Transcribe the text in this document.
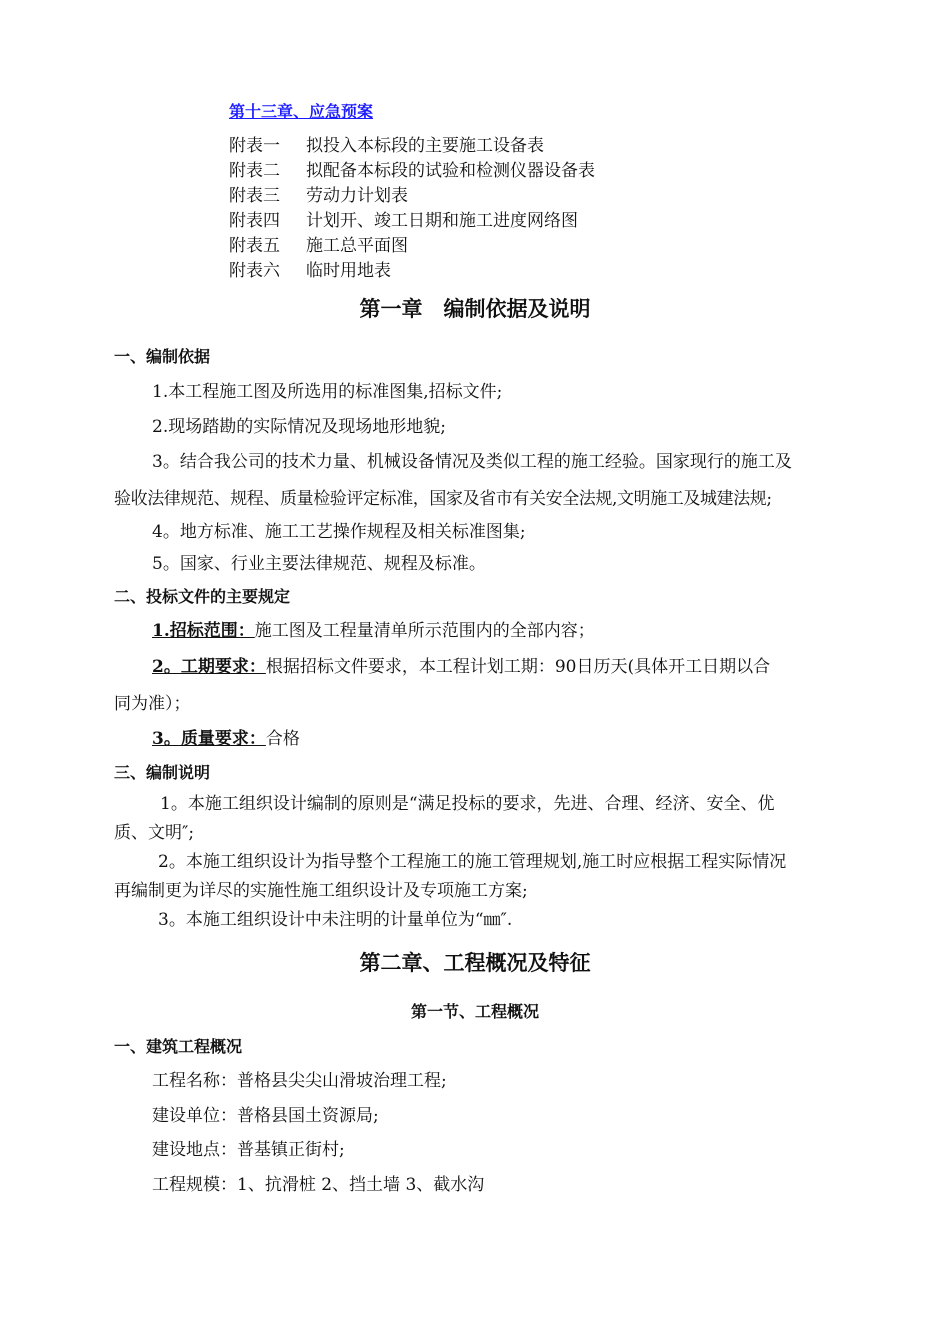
第十三章、应急预案
附表一 拟投入本标段的主要施工设备表
附表二 拟配备本标段的试验和检测仪器设备表
附表三 劳动力计划表
附表四 计划开、竣工日期和施工进度网络图
附表五 施工总平面图
附表六 临时用地表
第一章　编制依据及说明
一、编制依据
1.本工程施工图及所选用的标准图集,招标文件;
2.现场踏勘的实际情况及现场地形地貌;
3。结合我公司的技术力量、机械设备情况及类似工程的施工经验。国家现行的施工及
验收法律规范、规程、质量检验评定标准，国家及省市有关安全法规,文明施工及城建法规;
4。地方标准、施工工艺操作规程及相关标准图集;
5。国家、行业主要法律规范、规程及标准。
二、投标文件的主要规定
1.招标范围：施工图及工程量清单所示范围内的全部内容；
2。工期要求：根据招标文件要求，本工程计划工期：90日历天(具体开工日期以合
同为准）；
3。质量要求：合格
三、编制说明
1。本施工组织设计编制的原则是“满足投标的要求，先进、合理、经济、安全、优
质、文明″;
2。本施工组织设计为指导整个工程施工的施工管理规划,施工时应根据工程实际情况
再编制更为详尽的实施性施工组织设计及专项施工方案;
3。本施工组织设计中未注明的计量单位为“㎜″.
第二章、工程概况及特征
第一节、工程概况
一、建筑工程概况
工程名称：普格县尖尖山滑坡治理工程;
建设单位：普格县国土资源局;
建设地点：普基镇正街村;
工程规模：1、抗滑桩 2、挡土墙 3、截水沟
